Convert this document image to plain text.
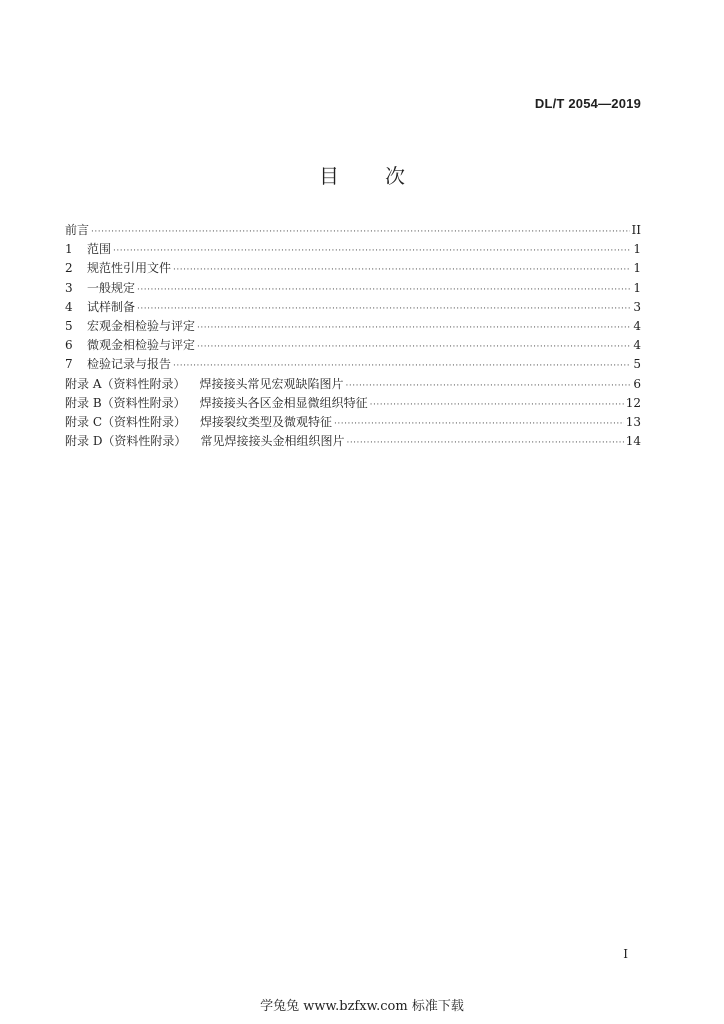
DL/T 2054—2019
目 次
前言 ·····	II
1	范围 ·····	1
2	规范性引用文件 ·····	1
3	一般规定 ·····	1
4	试样制备 ·····	3
5	宏观金相检验与评定 ·····	4
6	微观金相检验与评定 ·····	4
7	检验记录与报告 ·····	5
附录 A（资料性附录） 焊接接头常见宏观缺陷图片 ·····	6
附录 B（资料性附录） 焊接接头各区金相显微组织特征 ·····	12
附录 C（资料性附录） 焊接裂纹类型及微观特征 ·····	13
附录 D（资料性附录） 常见焊接接头金相组织图片 ·····	14
I
学兔兔 www.bzfxw.com 标准下载
